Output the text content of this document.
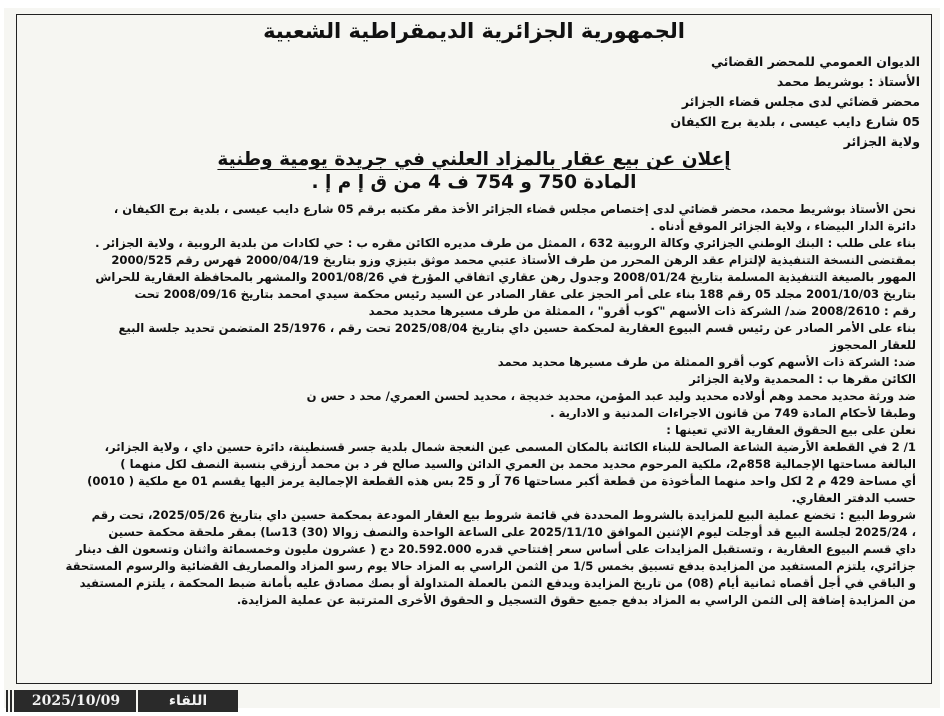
الجمهورية الجزائرية الديمقراطية الشعبية
الديوان العمومي للمحضر القضائي
الأستاذ : بوشريط محمد
محضر قضائي لدى مجلس قضاء الجزائر
05 شارع دايب عيسى ، بلدية برج الكيفان
ولاية الجزائر
إعلان عن بيع عقار بالمزاد العلني في جريدة يومية وطنية
المادة 750 و 754 ف 4 من ق إ م إ .

نحن الأستاذ بوشريط محمد، محضر قضائي لدى إختصاص مجلس قضاء الجزائر الأخذ مقر مكتبه برقم 05 شارع دايب عيسى ، بلدية برج الكيفان ،

دائرة الدار البيضاء ، ولاية الجزائر الموقع أدناه .

بناء على طلب : البنك الوطني الجزائري وكالة الروبية 632 ، الممثل من طرف مديره الكائن مقره ب : حي لكادات من بلدية الروبية ، ولاية الجزائر .

بمقتضى النسخة التنفيذية لإلتزام عقد الرهن المحرر من طرف الأستاذ عتبي محمد موثق بتيزي وزو بتاريخ 2000/04/19 فهرس رقم 2000/525

المهور بالصيغة التنفيذية المسلمة بتاريخ 2008/01/24 وجدول رهن عقاري اتفاقي المؤرخ في 2001/08/26 والمشهر بالمحافظة العقارية للحراش

بتاريخ 2001/10/03 مجلد 05 رقم 188 بناء على أمر الحجز على عقار الصادر عن السيد رئيس محكمة سيدي امحمد بتاريخ 2008/09/16 تحت

رقم : 2008/2610 ضد/ الشركة ذات الأسهم "كوب أقرو" ، الممثلة من طرف مسيرها محديد محمد

بناء على الأمر الصادر عن رئيس قسم البيوع العقارية لمحكمة حسين داي بتاريخ 2025/08/04 تحت رقم ، 25/1976 المتضمن تحديد جلسة البيع

للعقار المحجوز

ضد: الشركة ذات الأسهم كوب أقرو الممثلة من طرف مسيرها محديد محمد

الكائن مقرها ب : المحمدية ولاية الجزائر

ضد ورثة محديد محمد وهم أولاده محديد وليد عبد المؤمن، محديد خديجة ، محديد لحسن العمري/ محد د حس ن

وطبقا لأحكام المادة 749 من قانون الاجراءات المدنية و الادارية .

نعلن على بيع الحقوق العقارية الاتي تعينها :

1/ 2 في القطعة الأرضية الشاعة الصالحة للبناء الكائنة بالمكان المسمى عين النعجة شمال بلدية جسر قسنطينة، دائرة حسين داي ، ولاية الجزائر،

البالغة مساحتها الإجمالية 858م2، ملكية المرحوم محديد محمد بن العمري الدائن والسيد صالح فر د بن محمد أرزقي بنسبة النصف لكل منهما )

أي مساحة 429 م 2 لكل واحد منهما المأخوذة من قطعة أكبر مساحتها 76 آر و 25 بس هذه القطعة الإجمالية يرمز اليها يقسم 01 مع ملكية ( 0010)

حسب الدفتر العقاري.

شروط البيع : تخضع عملية البيع للمزايدة بالشروط المحددة في قائمة شروط بيع العقار المودعة بمحكمة حسين داي بتاريخ 2025/05/26، تحت رقم

، 2025/24 لجلسة البيع قد أوجلت ليوم الإثنين الموافق 2025/11/10 على الساعة الواحدة والنصف زوالا (30) 13سا) بمقر ملحقة محكمة حسين

داي قسم البيوع العقارية ، وتستقبل المزايدات على أساس سعر إفتتاحي قدره 20.592.000 دج ( عشرون مليون وخمسمائة واثنان وتسعون الف دينار

جزائري، يلتزم المستفيد من المزايدة بدفع تسبيق بخمس 1/5 من الثمن الراسي به المزاد حالا يوم رسو المزاد والمصاريف القضائية والرسوم المستحقة

و الباقي في أجل أقصاه ثمانية أيام (08) من تاريخ المزايدة ويدفع الثمن بالعملة المتداولة أو بصك مصادق عليه بأمانة ضبط المحكمة ، يلتزم المستفيد

من المزايدة إضافة إلى الثمن الراسي به المزاد بدفع جميع حقوق التسجيل و الحقوق الأخرى المترتبة عن عملية المزايدة.

2025/10/09	اللقاء
